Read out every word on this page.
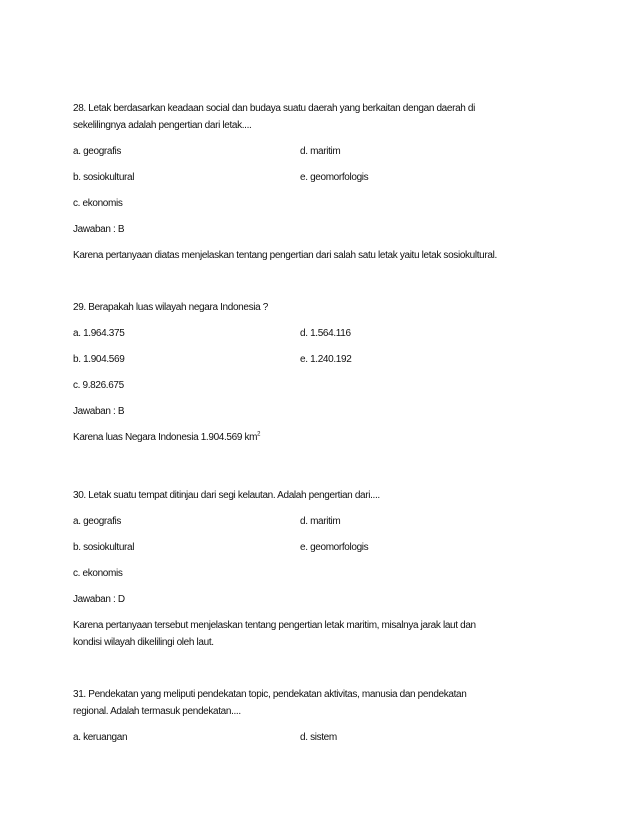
28. Letak berdasarkan keadaan social dan budaya suatu daerah yang berkaitan dengan daerah di
sekelilingnya adalah pengertian dari letak....
a. geografis	d. maritim
b. sosiokultural	e. geomorfologis
c. ekonomis
Jawaban : B
Karena pertanyaan diatas menjelaskan tentang pengertian dari salah satu letak yaitu letak sosiokultural.
29. Berapakah luas wilayah negara Indonesia ?
a. 1.964.375	d. 1.564.116
b. 1.904.569	e. 1.240.192
c. 9.826.675
Jawaban : B
Karena luas Negara Indonesia 1.904.569 $km^2$
30. Letak suatu tempat ditinjau dari segi kelautan. Adalah pengertian dari....
a. geografis	d. maritim
b. sosiokultural	e. geomorfologis
c. ekonomis
Jawaban : D
Karena pertanyaan tersebut menjelaskan tentang pengertian letak maritim, misalnya jarak laut dan
kondisi wilayah dikelilingi oleh laut.
31. Pendekatan yang meliputi pendekatan topic, pendekatan aktivitas, manusia dan pendekatan
regional. Adalah termasuk pendekatan....
a. keruangan	d. sistem
